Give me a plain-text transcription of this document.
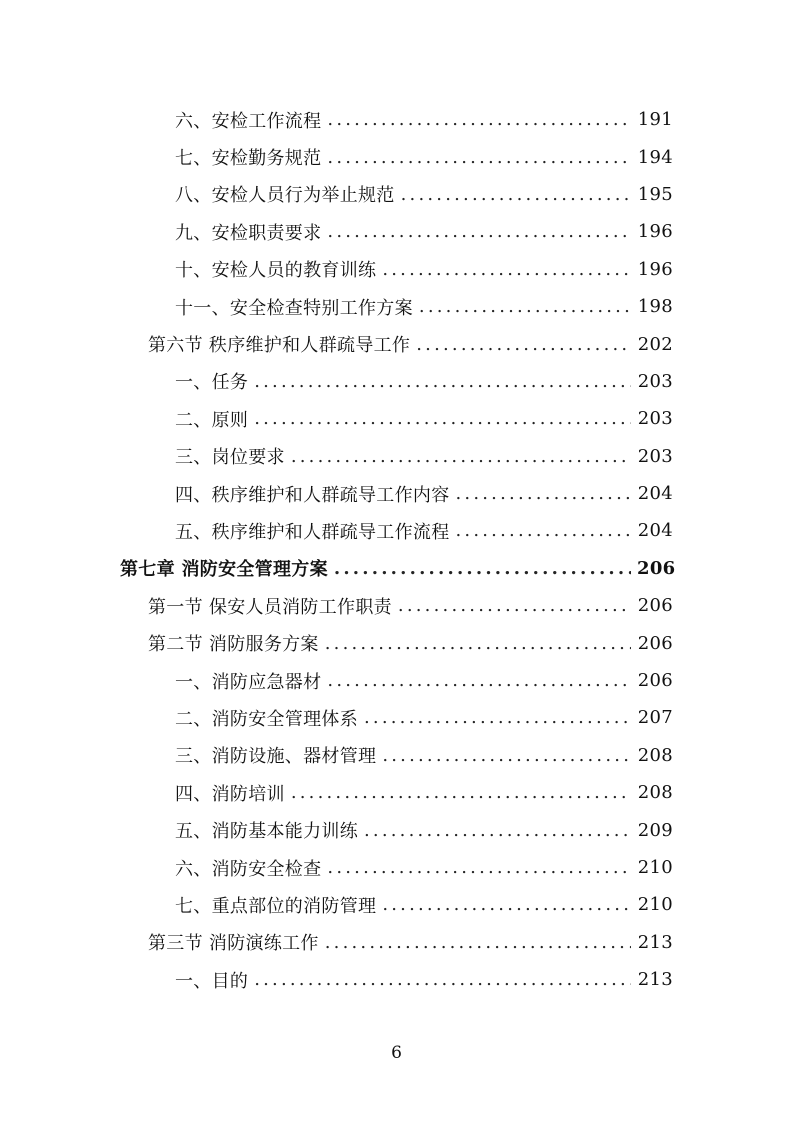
六、安检工作流程 .....	191
七、安检勤务规范 .....	194
八、安检人员行为举止规范 .....	195
九、安检职责要求 .....	196
十、安检人员的教育训练 .....	196
十一、安全检查特别工作方案 .....	198
第六节 秩序维护和人群疏导工作 .....	202
一、任务 .....	203
二、原则 .....	203
三、岗位要求 .....	203
四、秩序维护和人群疏导工作内容 .....	204
五、秩序维护和人群疏导工作流程 .....	204
第七章 消防安全管理方案 .....	206
第一节 保安人员消防工作职责 .....	206
第二节 消防服务方案 .....	206
一、消防应急器材 .....	206
二、消防安全管理体系 .....	207
三、消防设施、器材管理 .....	208
四、消防培训 .....	208
五、消防基本能力训练 .....	209
六、消防安全检查 .....	210
七、重点部位的消防管理 .....	210
第三节 消防演练工作 .....	213
一、目的 .....	213
6
